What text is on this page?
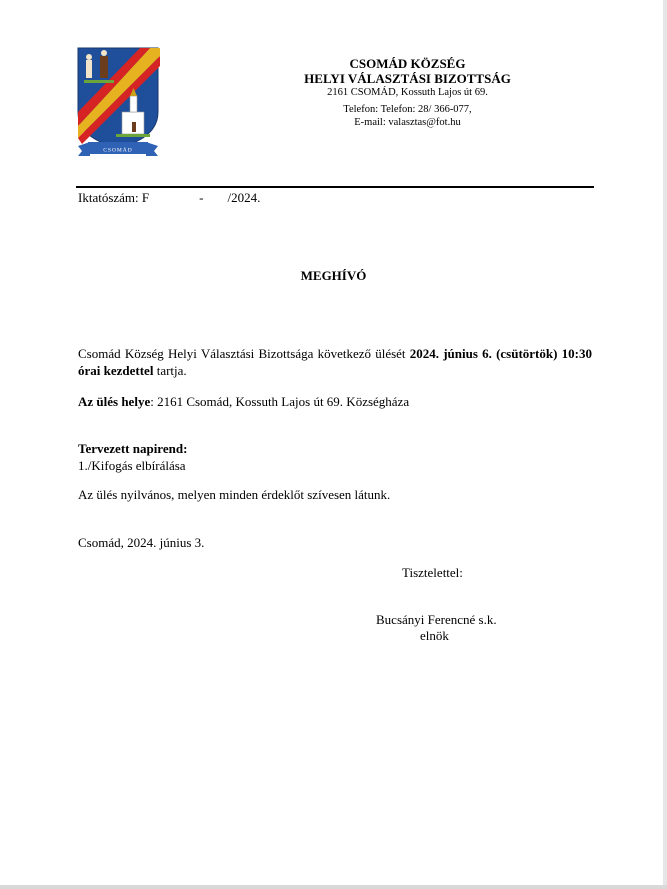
CSOMÁD
CSOMÁD KÖZSÉG
HELYI VÁLASZTÁSI BIZOTTSÁG
2161 CSOMÁD, Kossuth Lajos út 69.
Telefon: Telefon: 28/ 366-077,
E-mail: valasztas@fot.hu
Iktatószám: F	- /2024.
MEGHÍVÓ
Csomád Község Helyi Választási Bizottsága következő ülését 2024. június 6. (csütörtök) 10:30 órai kezdettel tartja.
Az ülés helye: 2161 Csomád, Kossuth Lajos út 69. Községháza
Tervezett napirend:
1./Kifogás elbírálása
Az ülés nyilvános, melyen minden érdeklőt szívesen látunk.
Csomád, 2024. június 3.
Tisztelettel:
Bucsányi Ferencné s.k.
elnök
